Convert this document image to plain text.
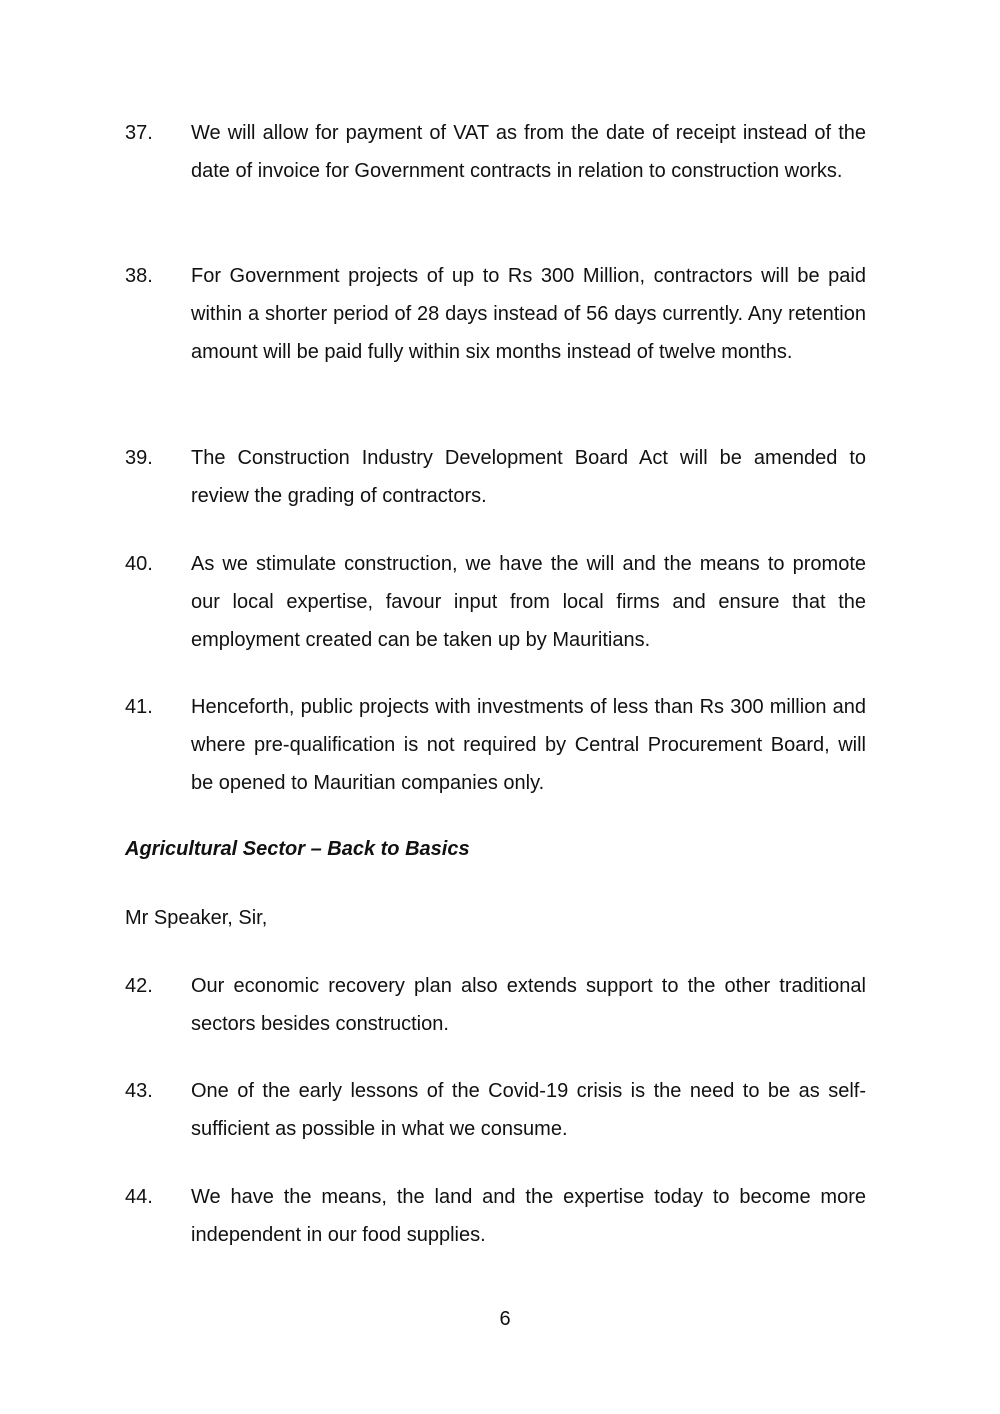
37.	We will allow for payment of VAT as from the date of receipt instead of the date of invoice for Government contracts in relation to construction works.
38.	For Government projects of up to Rs 300 Million, contractors will be paid within a shorter period of 28 days instead of 56 days currently. Any retention amount will be paid fully within six months instead of twelve months.
39.	The Construction Industry Development Board Act will be amended to review the grading of contractors.
40.	As we stimulate construction, we have the will and the means to promote our local expertise, favour input from local firms and ensure that the employment created can be taken up by Mauritians.
41.	Henceforth, public projects with investments of less than Rs 300 million and where pre-qualification is not required by Central Procurement Board, will be opened to Mauritian companies only.
Agricultural Sector – Back to Basics
Mr Speaker, Sir,
42.	Our economic recovery plan also extends support to the other traditional sectors besides construction.
43.	One of the early lessons of the Covid-19 crisis is the need to be as self-sufficient as possible in what we consume.
44.	We have the means, the land and the expertise today to become more independent in our food supplies.
6
